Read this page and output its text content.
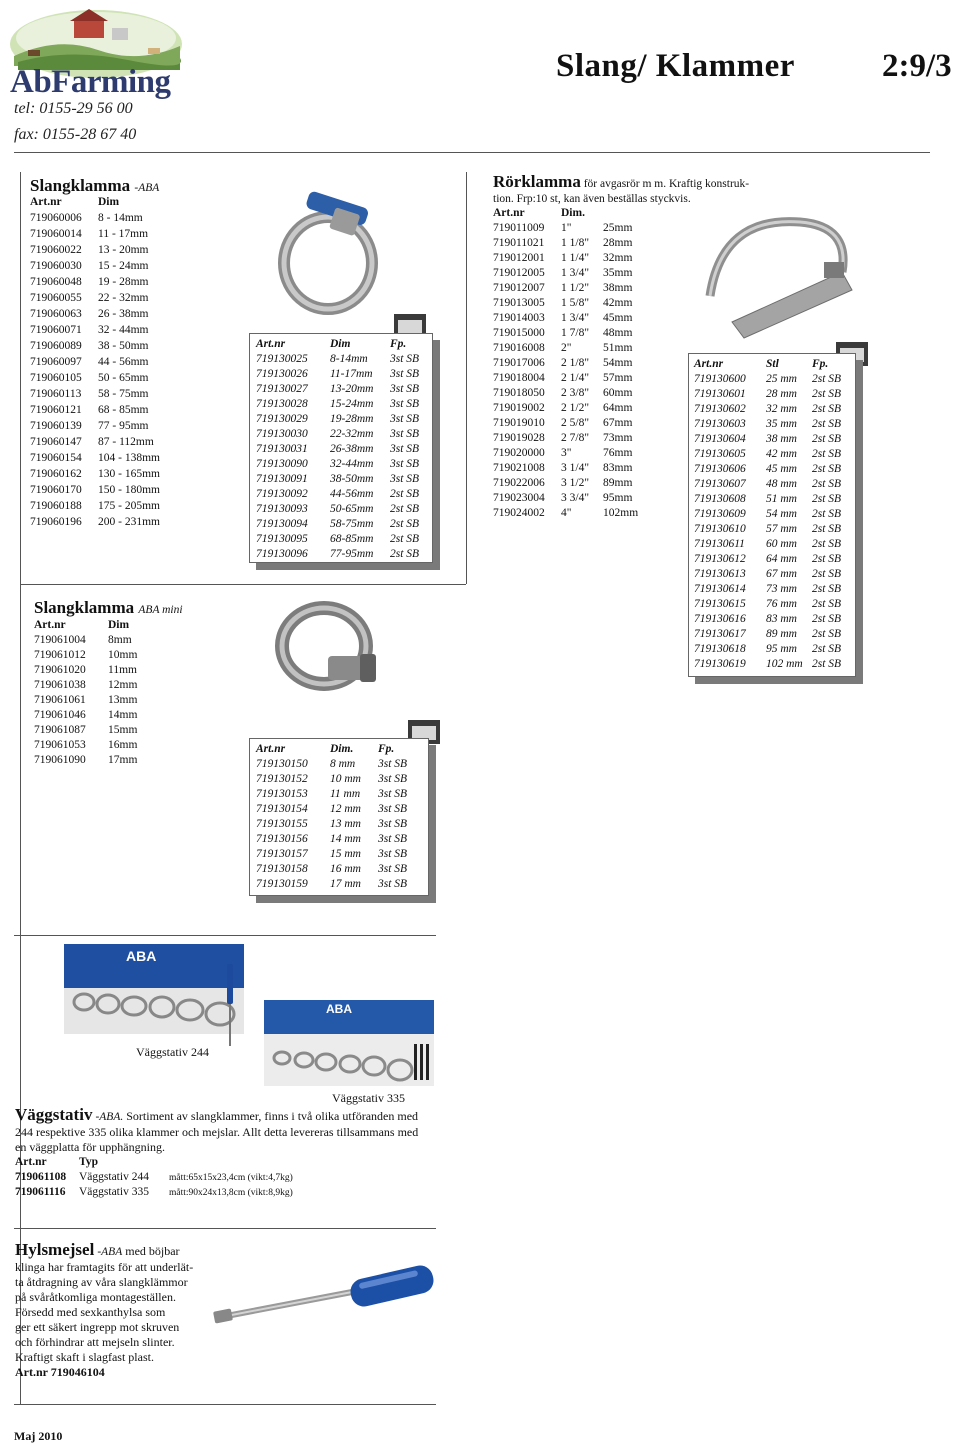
AbFarming
tel: 0155-29 56 00
fax: 0155-28 67 40
Slang/ Klammer	2:9/3
Slangklamma -ABA
Art.nr	Dim
719060006 8 - 14mm
719060014 11 - 17mm
719060022 13 - 20mm
719060030 15 - 24mm
719060048 19 - 28mm
719060055 22 - 32mm
719060063 26 - 38mm
719060071 32 - 44mm
719060089 38 - 50mm
719060097 44 - 56mm
719060105 50 - 65mm
719060113 58 - 75mm
719060121 68 - 85mm
719060139 77 - 95mm
719060147 87 - 112mm
719060154 104 - 138mm
719060162 130 - 165mm
719060170 150 - 180mm
719060188 175 - 205mm
719060196 200 - 231mm
Art.nr	Dim	Fp.
719130025 8-14mm 3st SB
719130026 11-17mm 3st SB
719130027 13-20mm 3st SB
719130028 15-24mm 3st SB
719130029 19-28mm 3st SB
719130030 22-32mm 3st SB
719130031 26-38mm 3st SB
719130090 32-44mm 3st SB
719130091 38-50mm 3st SB
719130092 44-56mm 2st SB
719130093 50-65mm 2st SB
719130094 58-75mm 2st SB
719130095 68-85mm 2st SB
719130096 77-95mm 2st SB
Slangklamma ABA mini
Art.nr	Dim
719061004 8mm
719061012 10mm
719061020 11mm
719061038 12mm
719061061 13mm
719061046 14mm
719061087 15mm
719061053 16mm
719061090 17mm
Art.nr	Dim. Fp.
719130150 8 mm 3st SB
719130152 10 mm 3st SB
719130153 11 mm 3st SB
719130154 12 mm 3st SB
719130155 13 mm 3st SB
719130156 14 mm 3st SB
719130157 15 mm 3st SB
719130158 16 mm 3st SB
719130159 17 mm 3st SB
Rörklamma för avgasrör m m. Kraftig konstruk-
tion. Frp:10 st, kan även beställas styckvis.
Art.nr	Dim.
719011009 1"	25mm
719011021 1 1/8" 28mm
719012001 1 1/4" 32mm
719012005 1 3/4" 35mm
719012007 1 1/2" 38mm
719013005 1 5/8" 42mm
719014003 1 3/4" 45mm
719015000 1 7/8" 48mm
719016008 2"	51mm
719017006 2 1/8" 54mm
719018004 2 1/4" 57mm
719018050 2 3/8" 60mm
719019002 2 1/2" 64mm
719019010 2 5/8" 67mm
719019028 2 7/8" 73mm
719020000 3"	76mm
719021008 3 1/4" 83mm
719022006 3 1/2" 89mm
719023004 3 3/4" 95mm
719024002 4"	102mm
Art.nr	Stl	Fp.
719130600 25 mm 2st SB
719130601 28 mm 2st SB
719130602 32 mm 2st SB
719130603 35 mm 2st SB
719130604 38 mm 2st SB
719130605 42 mm 2st SB
719130606 45 mm 2st SB
719130607 48 mm 2st SB
719130608 51 mm 2st SB
719130609 54 mm 2st SB
719130610 57 mm 2st SB
719130611 60 mm 2st SB
719130612 64 mm 2st SB
719130613 67 mm 2st SB
719130614 73 mm 2st SB
719130615 76 mm 2st SB
719130616 83 mm 2st SB
719130617 89 mm 2st SB
719130618 95 mm 2st SB
719130619 102 mm 2st SB
ABA
Väggstativ 244
ABA
Väggstativ 335
Väggstativ -ABA. Sortiment av slangklammer, finns i två olika utföranden med
244 respektive 335 olika klammer och mejslar. Allt detta levereras tillsammans med
en väggplatta för upphängning.
Art.nr	Typ
719061108 Väggstativ 244 mått:65x15x23,4cm (vikt:4,7kg)
719061116 Väggstativ 335 mått:90x24x13,8cm (vikt:8,9kg)
Hylsmejsel -ABA med böjbar
klinga har framtagits för att underlät-
ta åtdragning av våra slangklämmor
på svåråtkomliga montageställen.
Försedd med sexkanthylsa som
ger ett säkert ingrepp mot skruven
och förhindrar att mejseln slinter.
Kraftigt skaft i slagfast plast.
Art.nr 719046104
Maj 2010
